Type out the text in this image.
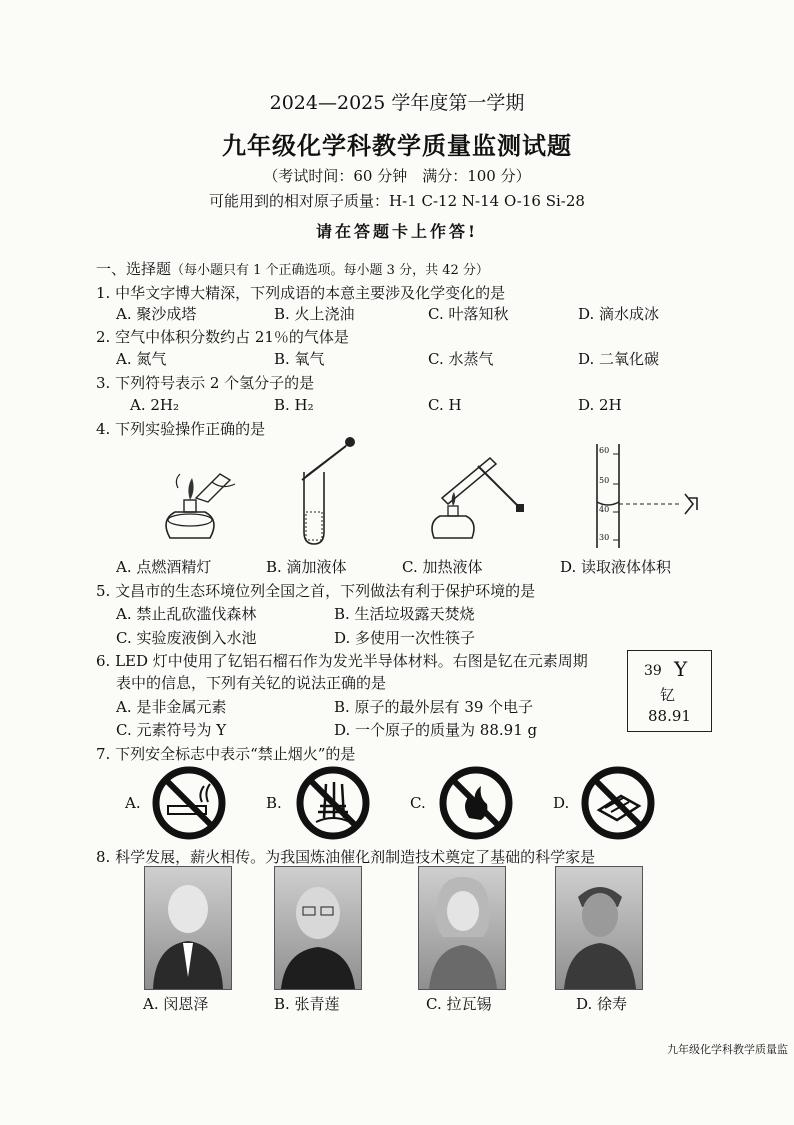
2024—2025 学年度第一学期
九年级化学科教学质量监测试题
（考试时间：60 分钟　满分：100 分）
可能用到的相对原子质量：H-1 C-12 N-14 O-16 Si-28
请在答题卡上作答!
一、选择题（每小题只有 1 个正确选项。每小题 3 分，共 42 分）
1. 中华文字博大精深，下列成语的本意主要涉及化学变化的是
A. 聚沙成塔	B. 火上浇油	C. 叶落知秋	D. 滴水成冰
2. 空气中体积分数约占 21％的气体是
A. 氮气	B. 氧气	C. 水蒸气	D. 二氧化碳
3. 下列符号表示 2 个氢分子的是
A. 2H₂	B. H₂	C. H	D. 2H
4. 下列实验操作正确的是
60
50
40
30
A. 点燃酒精灯	B. 滴加液体	C. 加热液体	D. 读取液体体积
5. 文昌市的生态环境位列全国之首，下列做法有利于保护环境的是
A. 禁止乱砍滥伐森林	B. 生活垃圾露天焚烧
C. 实验废液倒入水池	D. 多使用一次性筷子
6. LED 灯中使用了钇铝石榴石作为发光半导体材料。右图是钇在元素周期
表中的信息，下列有关钇的说法正确的是
A. 是非金属元素	B. 原子的最外层有 39 个电子
C. 元素符号为 Y	D. 一个原子的质量为 88.91 g
39 Y
钇
88.91
7. 下列安全标志中表示“禁止烟火”的是
A.	B.	C.	D.
8. 科学发展，薪火相传。为我国炼油催化剂制造技术奠定了基础的科学家是
A. 闵恩泽	B. 张青莲	C. 拉瓦锡	D. 徐寿
九年级化学科教学质量监
